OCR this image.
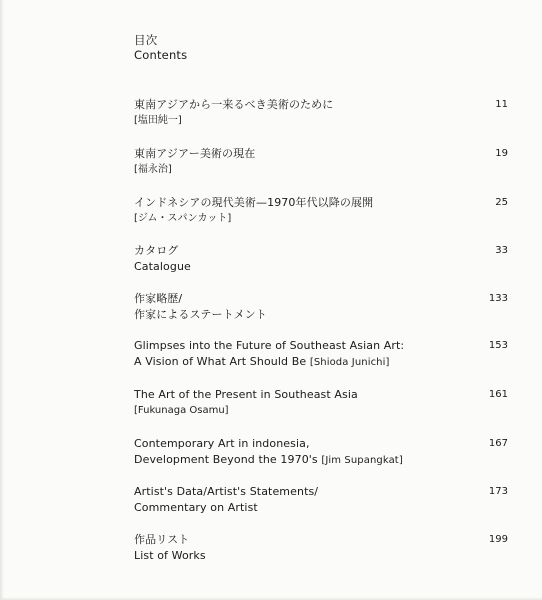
目次
Contents
東南アジアから一来るべき美術のために
[塩田純一]
11
東南アジアー美術の現在
[福永治]
19
インドネシアの現代美術—1970年代以降の展開
[ジム・スパンカット]
25
カタログ
Catalogue
33
作家略歴/
作家によるステートメント
133
Glimpses into the Future of Southeast Asian Art:
A Vision of What Art Should Be [Shioda Junichi]
153
The Art of the Present in Southeast Asia
[Fukunaga Osamu]
161
Contemporary Art in indonesia,
Development Beyond the 1970's [Jim Supangkat]
167
Artist's Data/Artist's Statements/
Commentary on Artist
173
作品リスト
List of Works
199
